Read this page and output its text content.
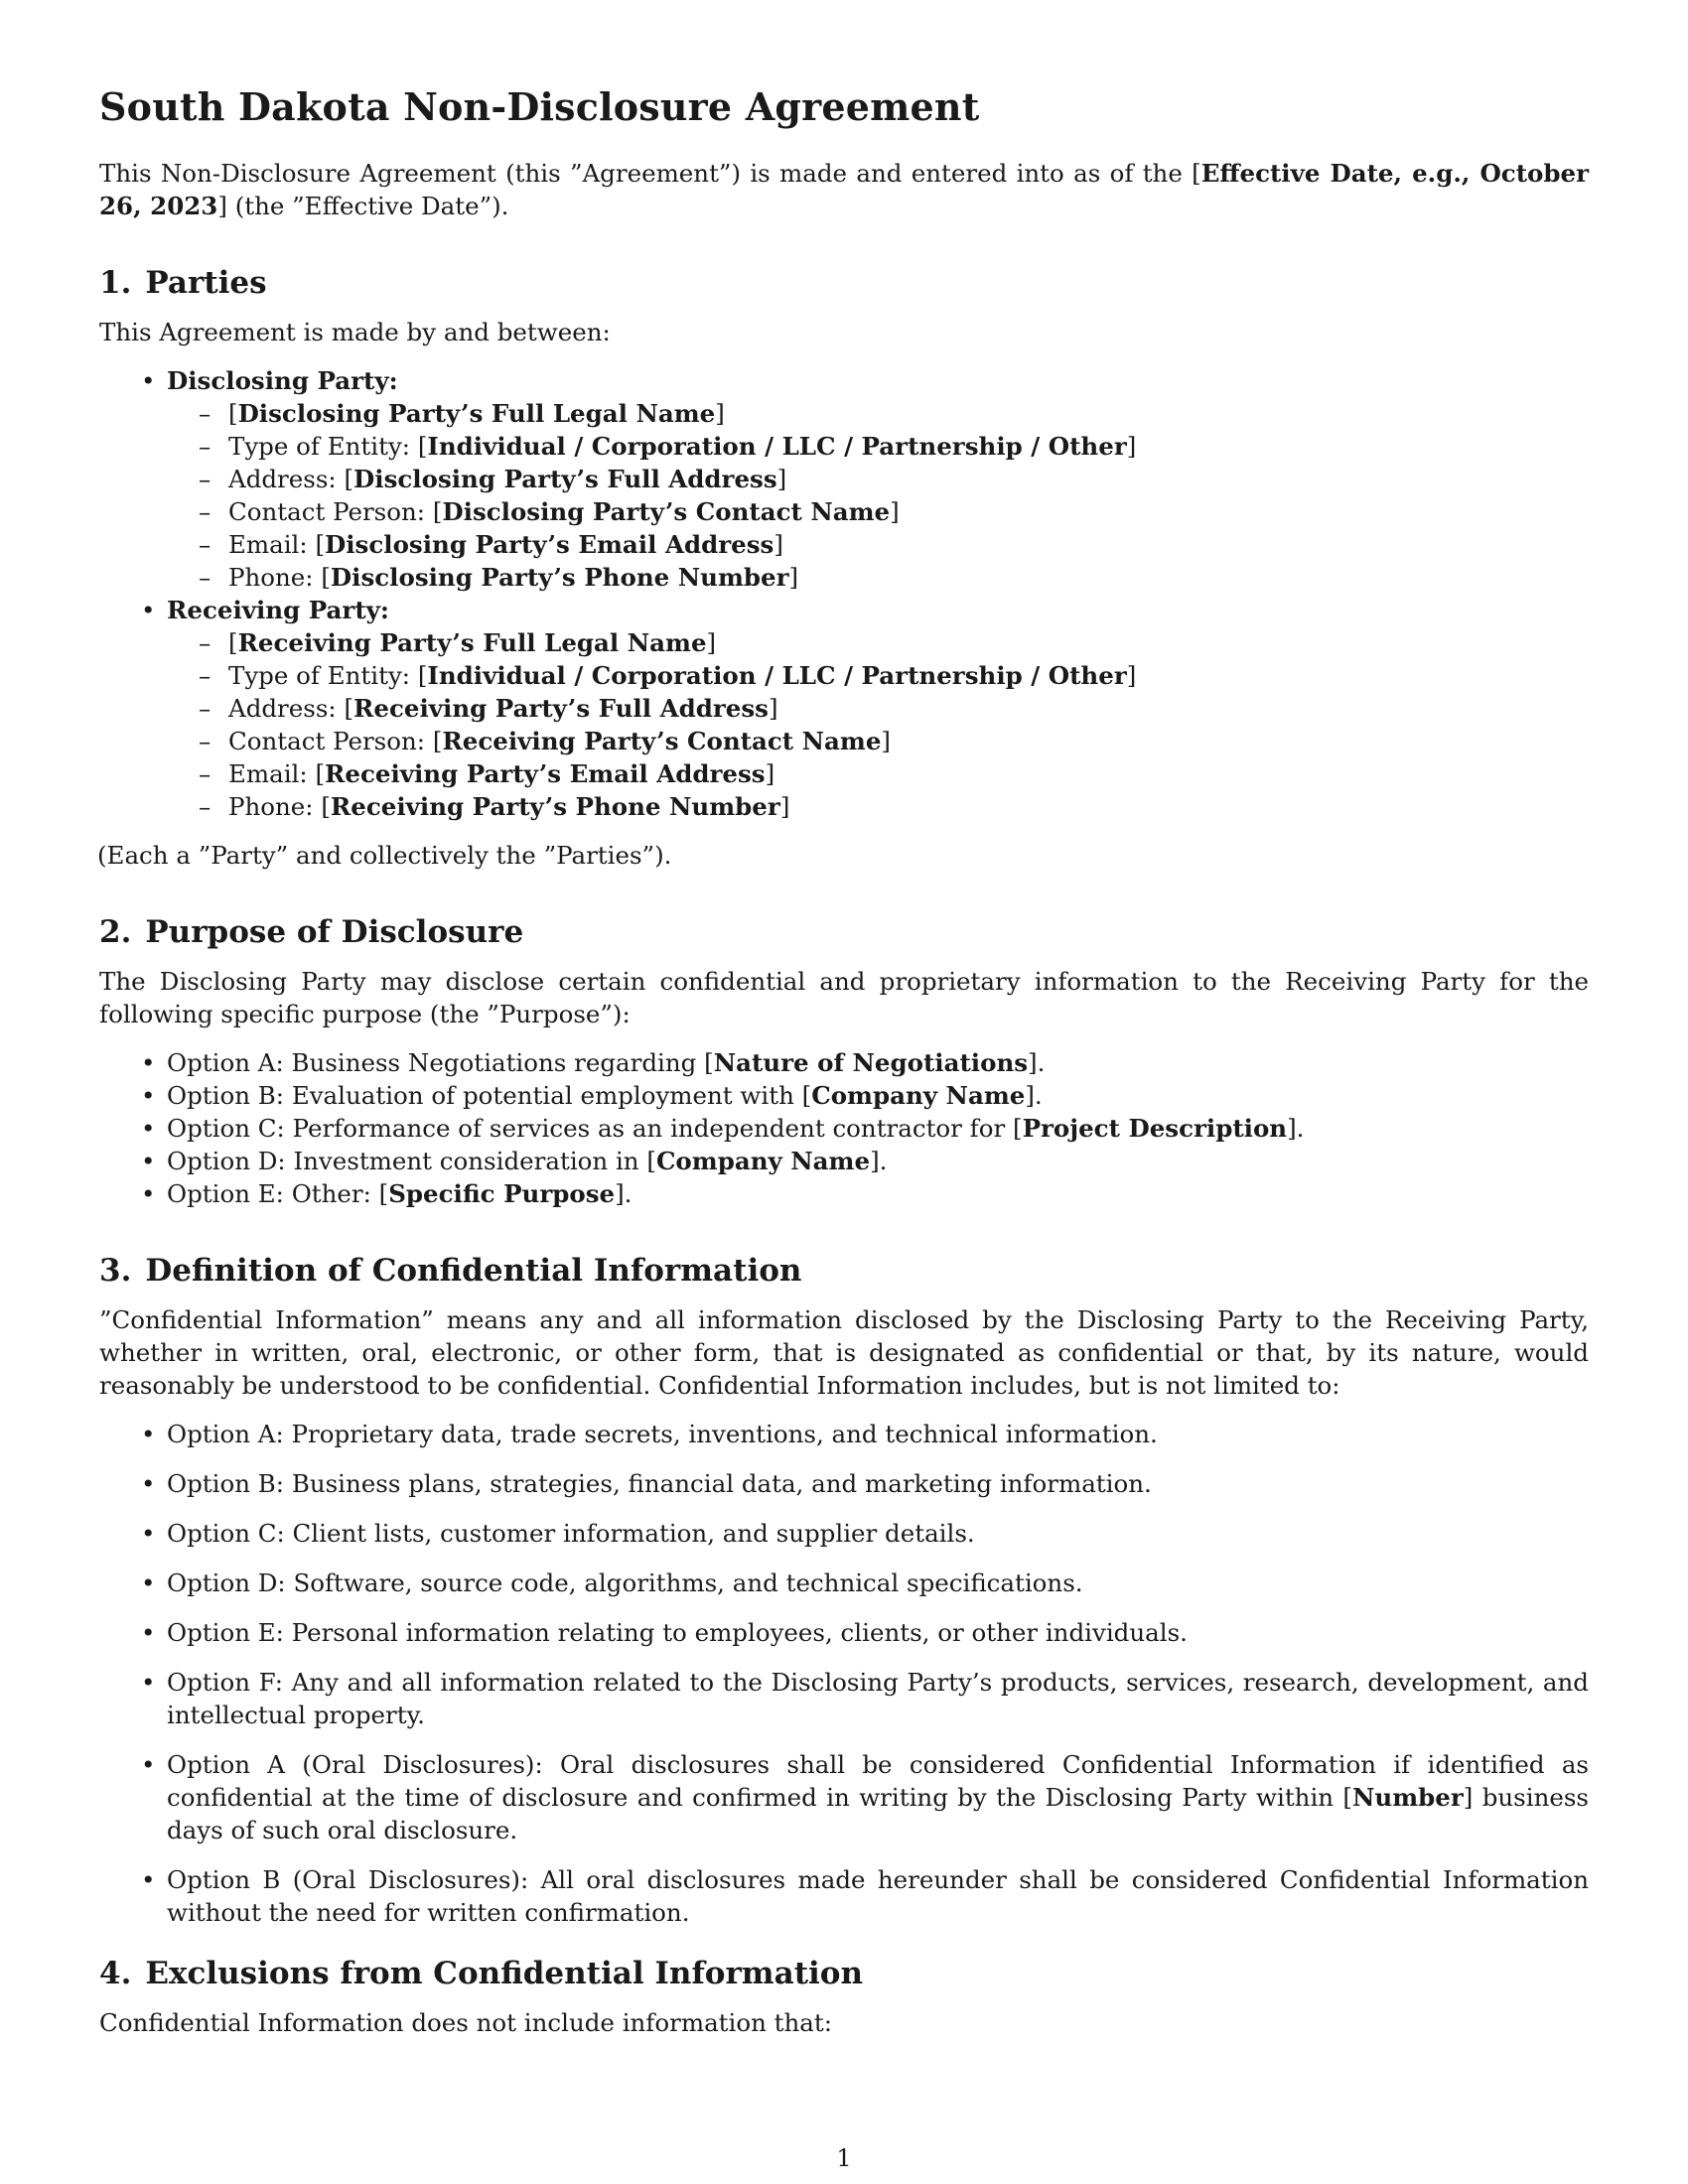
South Dakota Non-Disclosure Agreement

This Non-Disclosure Agreement (this ”Agreement”) is made and entered into as of the [Effective Date, e.g., October 26, 2023] (the ”Effective Date”).

1. Parties

This Agreement is made by and between:

• Disclosing Party:
– [Disclosing Party’s Full Legal Name]
– Type of Entity: [Individual / Corporation / LLC / Partnership / Other]
– Address: [Disclosing Party’s Full Address]
– Contact Person: [Disclosing Party’s Contact Name]
– Email: [Disclosing Party’s Email Address]
– Phone: [Disclosing Party’s Phone Number]
• Receiving Party:
– [Receiving Party’s Full Legal Name]
– Type of Entity: [Individual / Corporation / LLC / Partnership / Other]
– Address: [Receiving Party’s Full Address]
– Contact Person: [Receiving Party’s Contact Name]
– Email: [Receiving Party’s Email Address]
– Phone: [Receiving Party’s Phone Number]

(Each a ”Party” and collectively the ”Parties”).

2. Purpose of Disclosure

The Disclosing Party may disclose certain confidential and proprietary information to the Receiving Party for the following specific purpose (the ”Purpose”):

• Option A: Business Negotiations regarding [Nature of Negotiations].
• Option B: Evaluation of potential employment with [Company Name].
• Option C: Performance of services as an independent contractor for [Project Description].
• Option D: Investment consideration in [Company Name].
• Option E: Other: [Specific Purpose].
3. Definition of Confidential Information

”Confidential Information” means any and all information disclosed by the Disclosing Party to the Receiving Party, whether in written, oral, electronic, or other form, that is designated as confidential or that, by its nature, would reasonably be understood to be confidential. Confidential Information includes, but is not limited to:

• Option A: Proprietary data, trade secrets, inventions, and technical information.
• Option B: Business plans, strategies, financial data, and marketing information.
• Option C: Client lists, customer information, and supplier details.
• Option D: Software, source code, algorithms, and technical specifications.
• Option E: Personal information relating to employees, clients, or other individuals.
• Option F: Any and all information related to the Disclosing Party’s products, services, research, development, and intellectual property.
• Option A (Oral Disclosures): Oral disclosures shall be considered Confidential Information if identified as confidential at the time of disclosure and confirmed in writing by the Disclosing Party within [Number] business days of such oral disclosure.
• Option B (Oral Disclosures): All oral disclosures made hereunder shall be considered Confidential Information without the need for written confirmation.
4. Exclusions from Confidential Information

Confidential Information does not include information that:

1
